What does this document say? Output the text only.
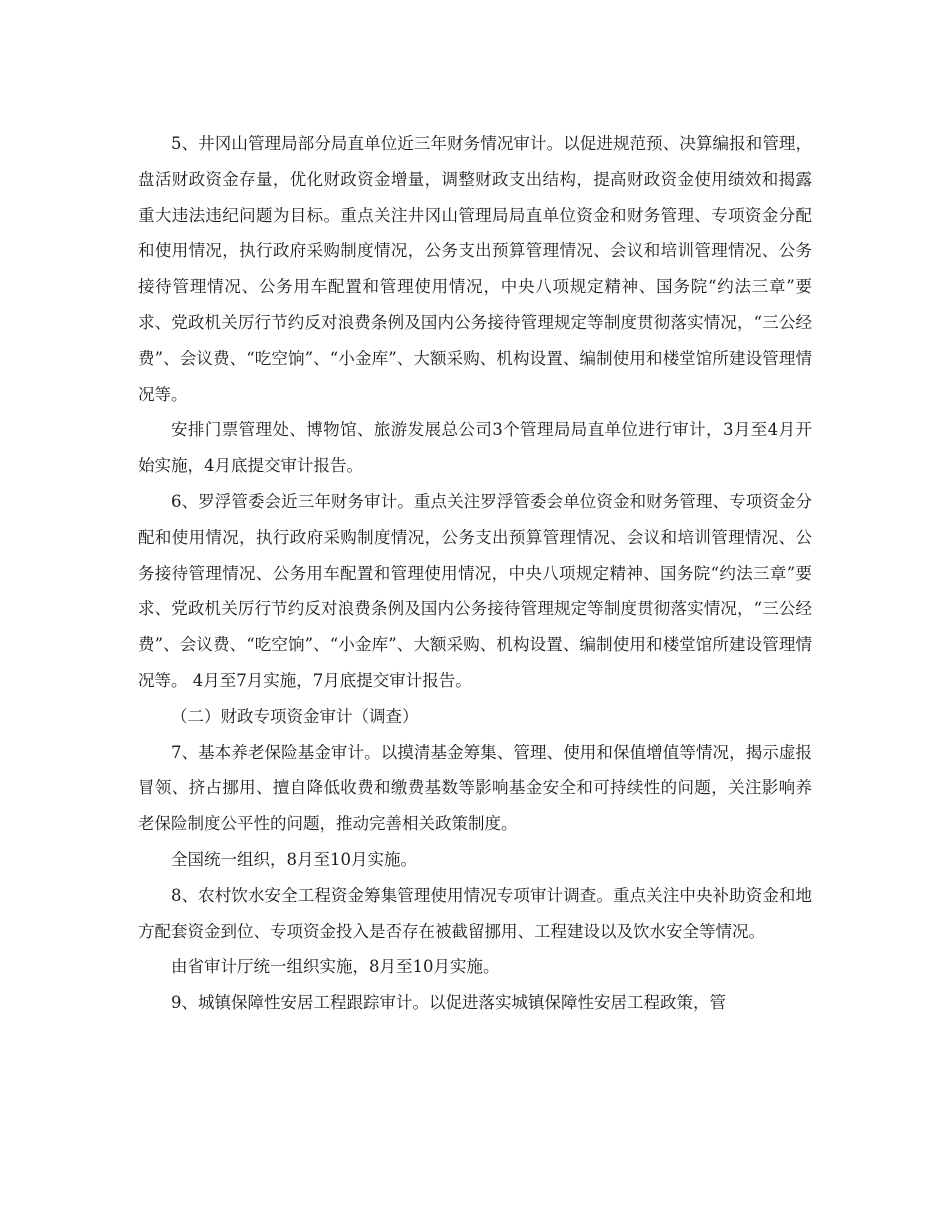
5、井冈山管理局部分局直单位近三年财务情况审计。以促进规范预、决算编报和管理，盘活财政资金存量，优化财政资金增量，调整财政支出结构，提高财政资金使用绩效和揭露重大违法违纪问题为目标。重点关注井冈山管理局局直单位资金和财务管理、专项资金分配和使用情况，执行政府采购制度情况，公务支出预算管理情况、会议和培训管理情况、公务接待管理情况、公务用车配置和管理使用情况，中央八项规定精神、国务院“约法三章”要求、党政机关厉行节约反对浪费条例及国内公务接待管理规定等制度贯彻落实情况，“三公经费”、会议费、“吃空饷”、“小金库”、大额采购、机构设置、编制使用和楼堂馆所建设管理情况等。

安排门票管理处、博物馆、旅游发展总公司3个管理局局直单位进行审计，3月至4月开始实施，4月底提交审计报告。

6、罗浮管委会近三年财务审计。重点关注罗浮管委会单位资金和财务管理、专项资金分配和使用情况，执行政府采购制度情况，公务支出预算管理情况、会议和培训管理情况、公务接待管理情况、公务用车配置和管理使用情况，中央八项规定精神、国务院“约法三章”要求、党政机关厉行节约反对浪费条例及国内公务接待管理规定等制度贯彻落实情况，“三公经费”、会议费、“吃空饷”、“小金库”、大额采购、机构设置、编制使用和楼堂馆所建设管理情况等。 4月至7月实施，7月底提交审计报告。

（二）财政专项资金审计（调查）

7、基本养老保险基金审计。以摸清基金筹集、管理、使用和保值增值等情况，揭示虚报冒领、挤占挪用、擅自降低收费和缴费基数等影响基金安全和可持续性的问题，关注影响养老保险制度公平性的问题，推动完善相关政策制度。

全国统一组织，8月至10月实施。

8、农村饮水安全工程资金筹集管理使用情况专项审计调查。重点关注中央补助资金和地方配套资金到位、专项资金投入是否存在被截留挪用、工程建设以及饮水安全等情况。

由省审计厅统一组织实施，8月至10月实施。

9、城镇保障性安居工程跟踪审计。以促进落实城镇保障性安居工程政策，管
